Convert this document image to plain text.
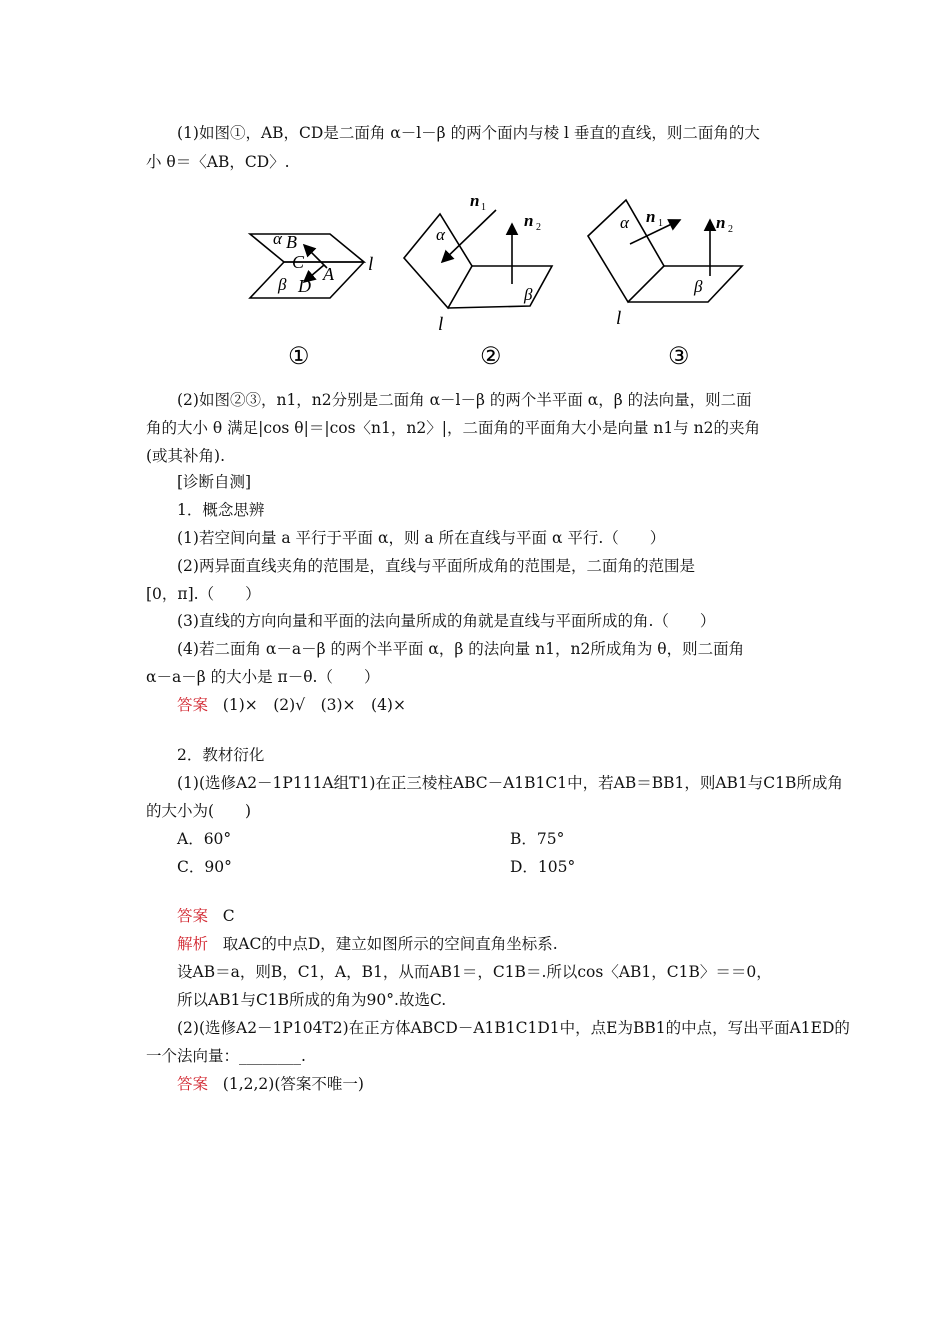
(1)如图①，AB，CD是二面角 α－l－β 的两个面内与棱 l 垂直的直线，则二面角的大
小 θ＝〈AB，CD〉.
α B
C
A
β D
l
α
n 1
n 2
β
l
α n 1	n 2
β
l
①	②	③
(2)如图②③，n1，n2分别是二面角 α－l－β 的两个半平面 α，β 的法向量，则二面
角的大小 θ 满足|cos θ|＝|cos〈n1，n2〉|，二面角的平面角大小是向量 n1与 n2的夹角
(或其补角).
[诊断自测]
1．概念思辨
(1)若空间向量 a 平行于平面 α，则 a 所在直线与平面 α 平行.（　　）
(2)两异面直线夹角的范围是，直线与平面所成角的范围是，二面角的范围是
[0，π].（　　）
(3)直线的方向向量和平面的法向量所成的角就是直线与平面所成的角.（　　）
(4)若二面角 α－a－β 的两个半平面 α，β 的法向量 n1，n2所成角为 θ，则二面角
α－a－β 的大小是 π－θ.（　　）
答案 (1)×　(2)√　(3)×　(4)×
2．教材衍化
(1)(选修A2－1P111A组T1)在正三棱柱ABC－A1B1C1中，若AB＝BB1，则AB1与C1B所成角
的大小为(　　)
A．60°	B．75°
C．90°	D．105°
答案 C
解析 取AC的中点D，建立如图所示的空间直角坐标系.
设AB＝a，则B，C1，A，B1，从而AB1＝，C1B＝.所以cos〈AB1，C1B〉＝＝0，
所以AB1与C1B所成的角为90°.故选C.
(2)(选修A2－1P104T2)在正方体ABCD－A1B1C1D1中，点E为BB1的中点，写出平面A1ED的
一个法向量：________.
答案 (1,2,2)(答案不唯一)
